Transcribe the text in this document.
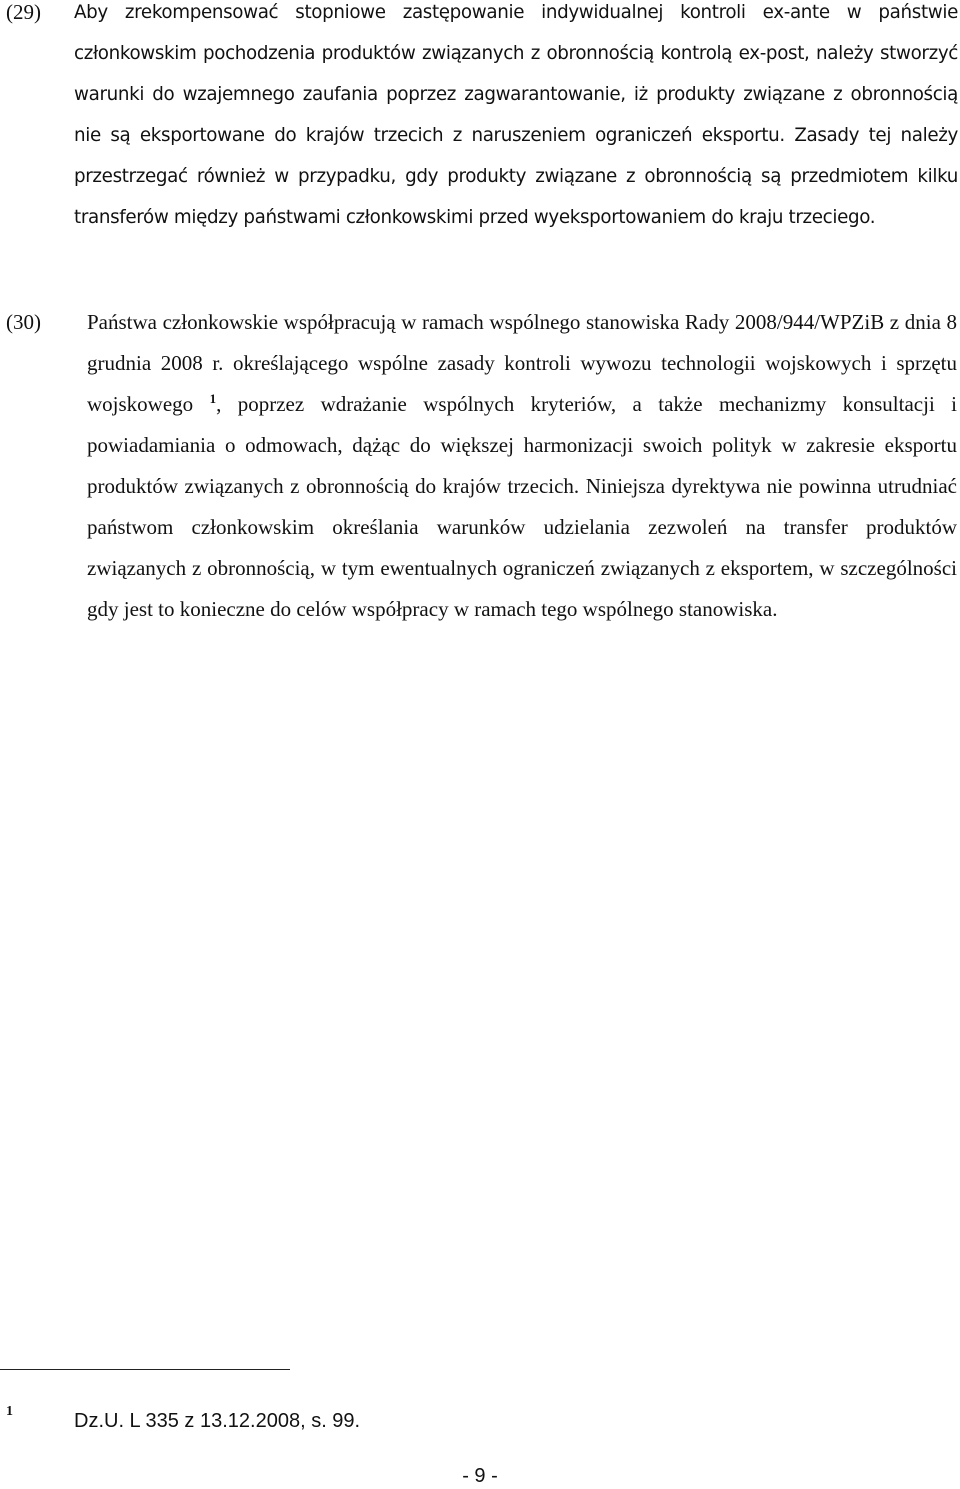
(29) Aby zrekompensować stopniowe zastępowanie indywidualnej kontroli ex-ante w państwie członkowskim pochodzenia produktów związanych z obronnością kontrolą ex-post, należy stworzyć warunki do wzajemnego zaufania poprzez zagwarantowanie, iż produkty związane z obronnością nie są eksportowane do krajów trzecich z naruszeniem ograniczeń eksportu. Zasady tej należy przestrzegać również w przypadku, gdy produkty związane z obronnością są przedmiotem kilku transferów między państwami członkowskimi przed wyeksportowaniem do kraju trzeciego.
(30) Państwa członkowskie współpracują w ramach wspólnego stanowiska Rady 2008/944/WPZiB z dnia 8 grudnia 2008 r. określającego wspólne zasady kontroli wywozu technologii wojskowych i sprzętu wojskowego $^1$, poprzez wdrażanie wspólnych kryteriów, a także mechanizmy konsultacji i powiadamiania o odmowach, dążąc do większej harmonizacji swoich polityk w zakresie eksportu produktów związanych z obronnością do krajów trzecich. Niniejsza dyrektywa nie powinna utrudniać państwom członkowskim określania warunków udzielania zezwoleń na transfer produktów związanych z obronnością, w tym ewentualnych ograniczeń związanych z eksportem, w szczególności gdy jest to konieczne do celów współpracy w ramach tego wspólnego stanowiska.
1	Dz.U. L 335 z 13.12.2008, s. 99.
- 9 -
